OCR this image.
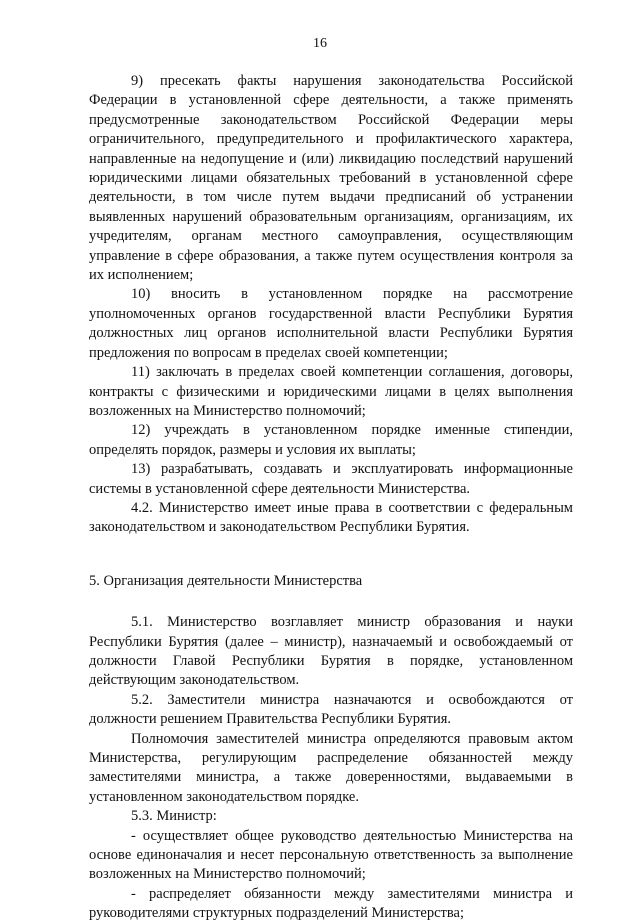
16

9) пресекать факты нарушения законодательства Российской Федерации в установленной сфере деятельности, а также применять предусмотренные законодательством Российской Федерации меры ограничительного, предупредительного и профилактического характера, направленные на недопущение и (или) ликвидацию последствий нарушений юридическими лицами обязательных требований в установленной сфере деятельности, в том числе путем выдачи предписаний об устранении выявленных нарушений образовательным организациям, организациям, их учредителям, органам местного самоуправления, осуществляющим управление в сфере образования, а также путем осуществления контроля за их исполнением;

10) вносить в установленном порядке на рассмотрение уполномоченных органов государственной власти Республики Бурятия должностных лиц органов исполнительной власти Республики Бурятия предложения по вопросам в пределах своей компетенции;

11) заключать в пределах своей компетенции соглашения, договоры, контракты с физическими и юридическими лицами в целях выполнения возложенных на Министерство полномочий;

12) учреждать в установленном порядке именные стипендии, определять порядок, размеры и условия их выплаты;

13) разрабатывать, создавать и эксплуатировать информационные системы в установленной сфере деятельности Министерства.

4.2. Министерство имеет иные права в соответствии с федеральным законодательством и законодательством Республики Бурятия.

5. Организация деятельности Министерства

5.1. Министерство возглавляет министр образования и науки Республики Бурятия (далее – министр), назначаемый и освобождаемый от должности Главой Республики Бурятия в порядке, установленном действующим законодательством.

5.2. Заместители министра назначаются и освобождаются от должности решением Правительства Республики Бурятия.

Полномочия заместителей министра определяются правовым актом Министерства, регулирующим распределение обязанностей между заместителями министра, а также доверенностями, выдаваемыми в установленном законодательством порядке.

5.3. Министр:

- осуществляет общее руководство деятельностью Министерства на основе единоначалия и несет персональную ответственность за выполнение возложенных на Министерство полномочий;

- распределяет обязанности между заместителями министра и руководителями структурных подразделений Министерства;
